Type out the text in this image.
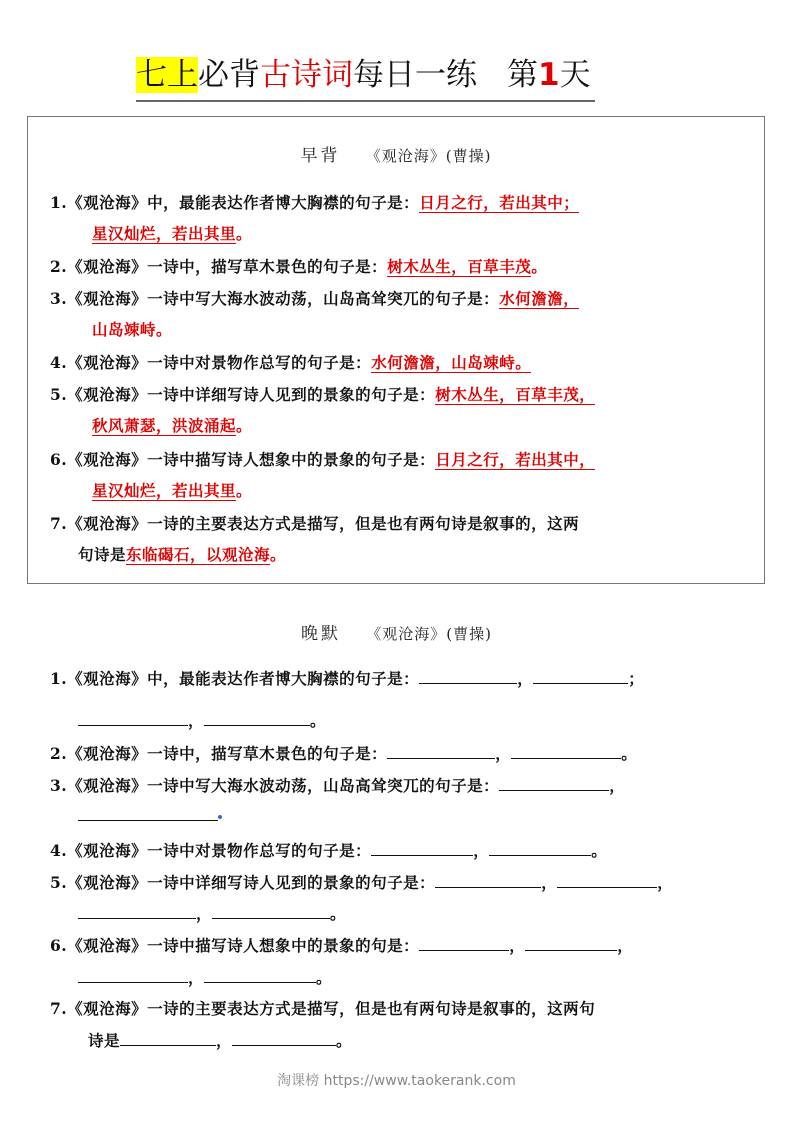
七上必背古诗词每日一练 第1天
早背 《观沧海》(曹操)
1.《观沧海》中，最能表达作者博大胸襟的句子是：日月之行，若出其中；
星汉灿烂，若出其里。
2.《观沧海》一诗中，描写草木景色的句子是：树木丛生，百草丰茂。
3.《观沧海》一诗中写大海水波动荡，山岛高耸突兀的句子是：水何澹澹，
山岛竦峙。
4.《观沧海》一诗中对景物作总写的句子是：水何澹澹，山岛竦峙。
5.《观沧海》一诗中详细写诗人见到的景象的句子是：树木丛生，百草丰茂，
秋风萧瑟，洪波涌起。
6.《观沧海》一诗中描写诗人想象中的景象的句子是：日月之行，若出其中，
星汉灿烂，若出其里。
7.《观沧海》一诗的主要表达方式是描写，但是也有两句诗是叙事的，这两
句诗是东临碣石，以观沧海。
晚默 《观沧海》(曹操)
1.《观沧海》中，最能表达作者博大胸襟的句子是：	，	；
，	。
2.《观沧海》一诗中，描写草木景色的句子是：	，	。
3.《观沧海》一诗中写大海水波动荡，山岛高耸突兀的句子是：	，
4.《观沧海》一诗中对景物作总写的句子是：	，	。
5.《观沧海》一诗中详细写诗人见到的景象的句子是：	，	，
，	。
6.《观沧海》一诗中描写诗人想象中的景象的句是：	，	，
，	。
7.《观沧海》一诗的主要表达方式是描写，但是也有两句诗是叙事的，这两句
诗是	，	。
淘课榜 https://www.taokerank.com
